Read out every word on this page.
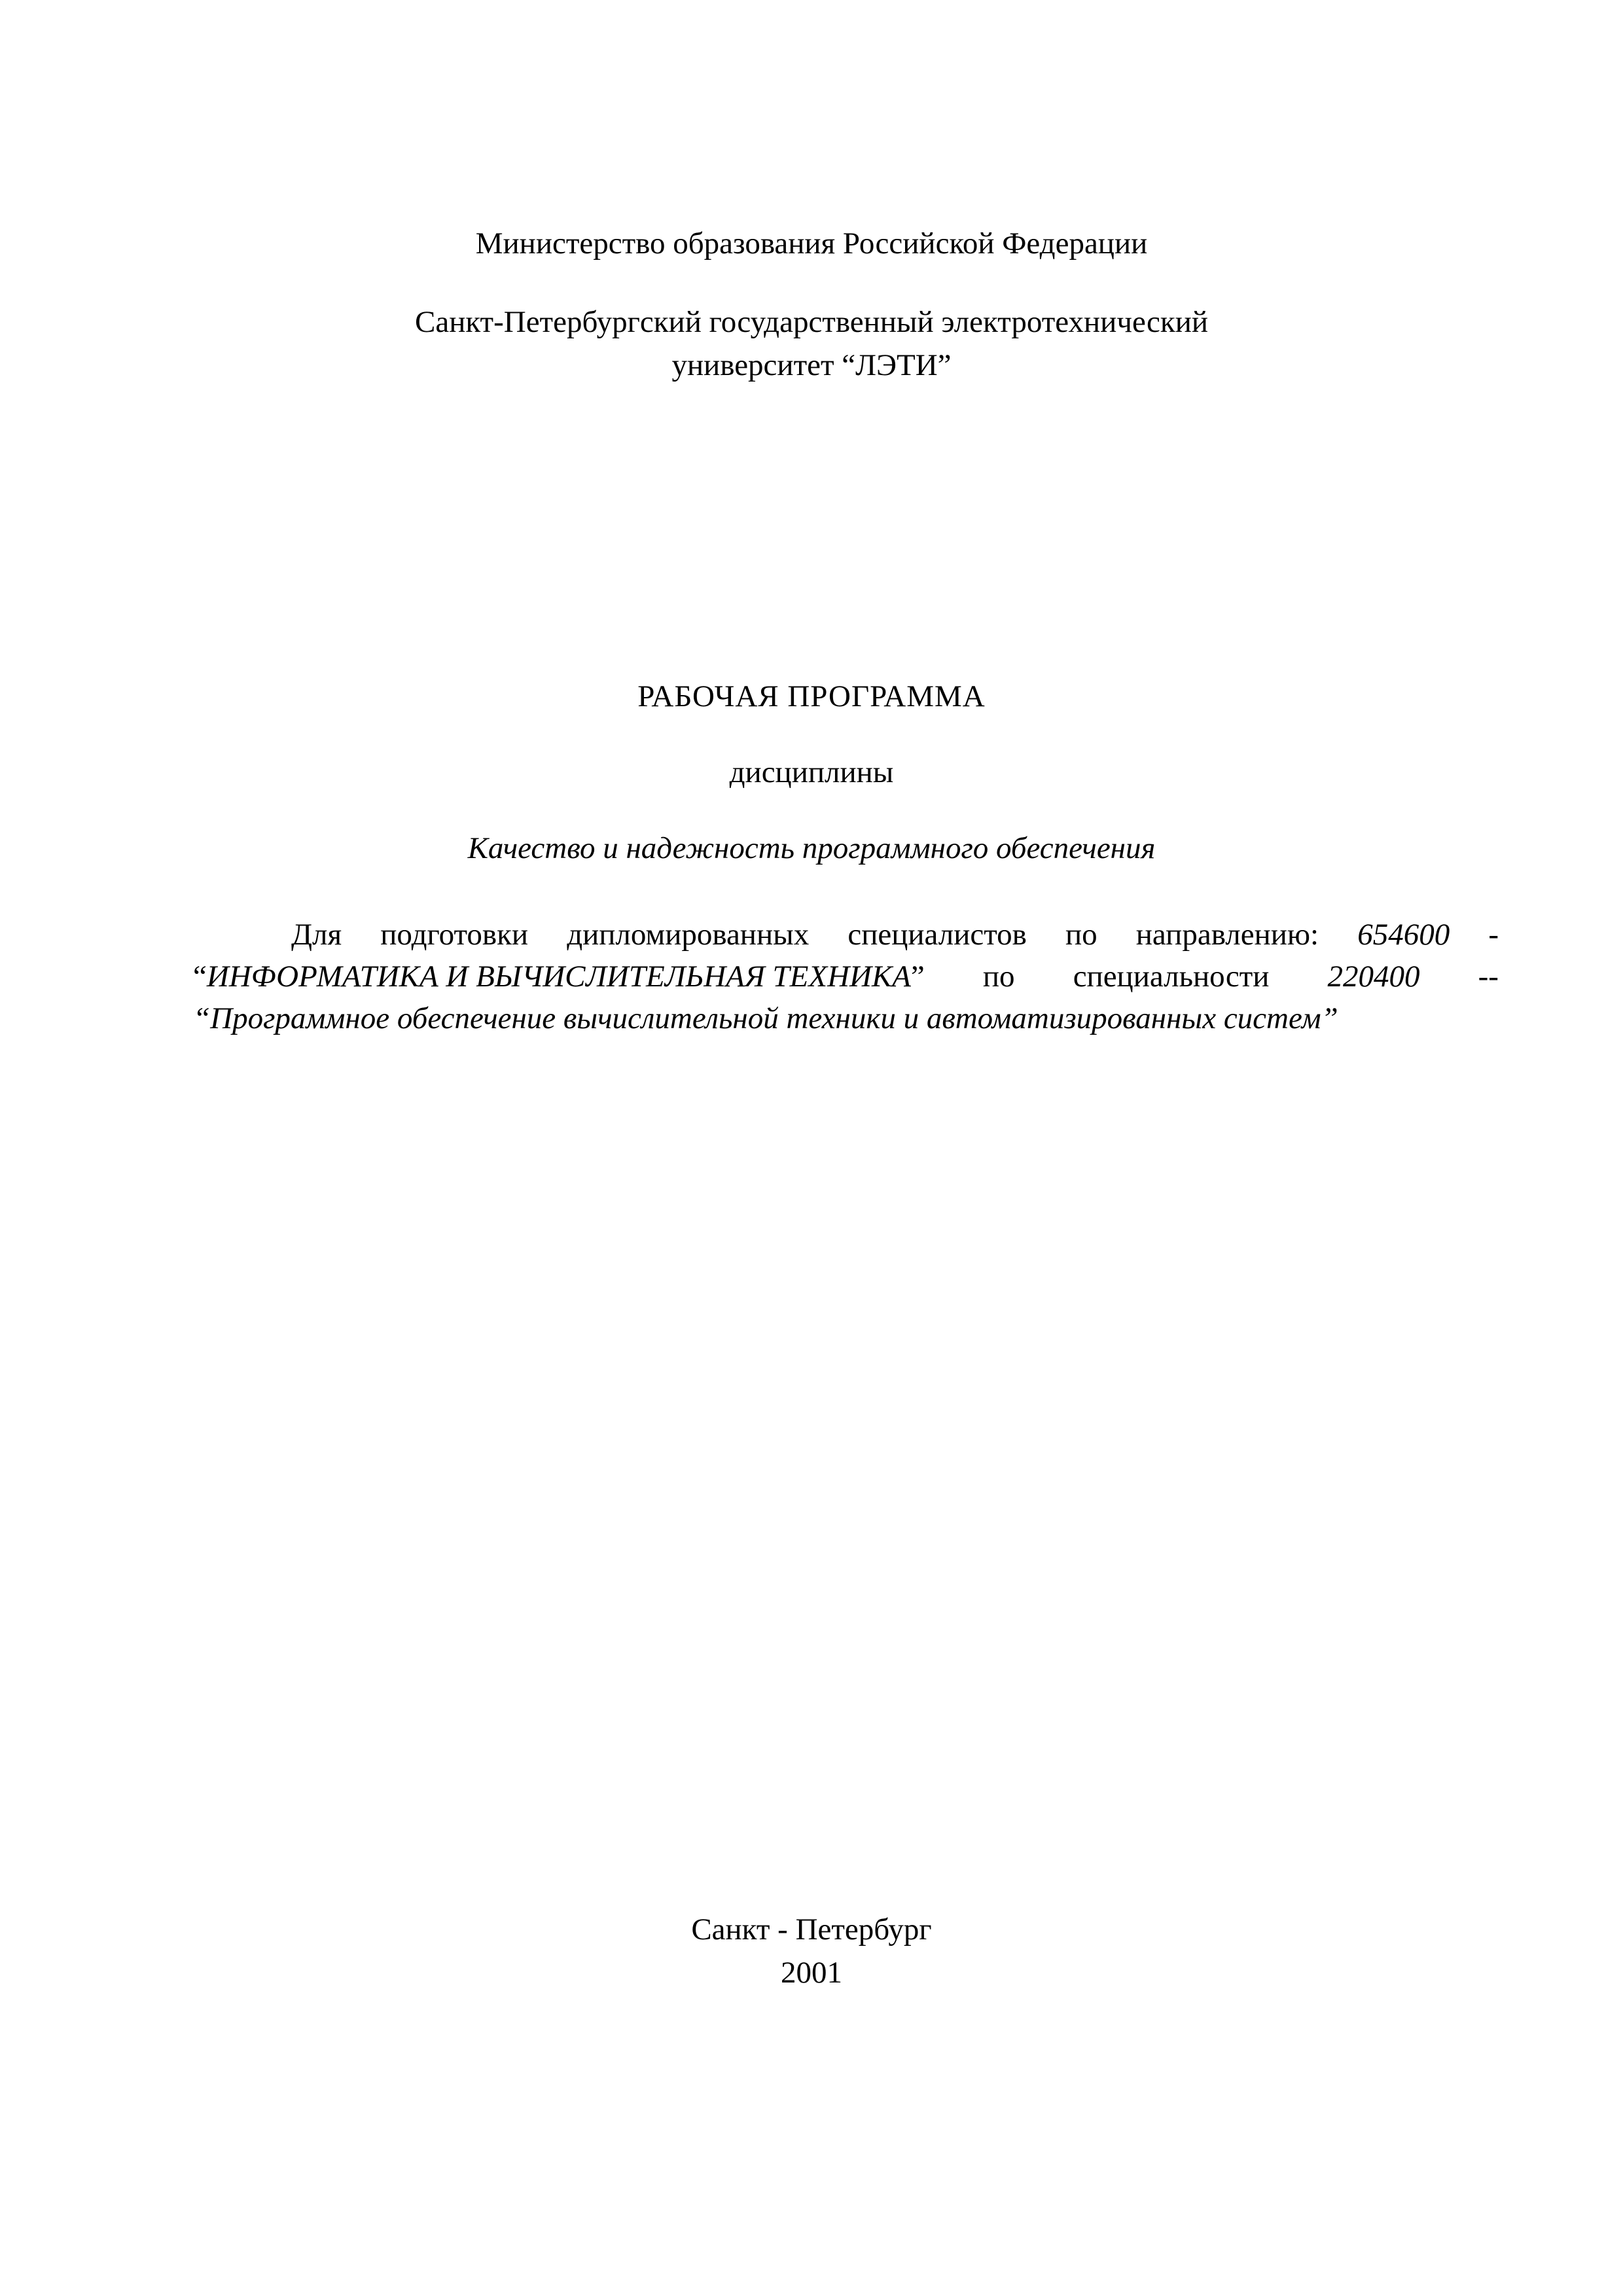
Министерство образования Российской Федерации
Санкт-Петербургский государственный электротехнический
университет “ЛЭТИ”
РАБОЧАЯ ПРОГРАММА
дисциплины
Качество и надежность программного обеспечения
Для подготовки дипломированных специалистов по направлению: 654600 -
“ИНФОРМАТИКА И ВЫЧИСЛИТЕЛЬНАЯ ТЕХНИКА” по специальности 220400 --
“Программное обеспечение вычислительной техники и автоматизированных систем”
Санкт - Петербург
2001
